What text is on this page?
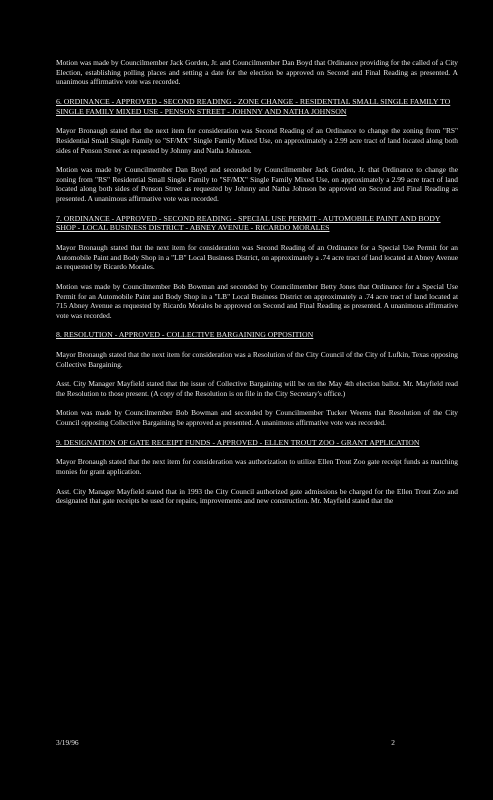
Motion was made by Councilmember Jack Gorden, Jr. and Councilmember Dan Boyd that Ordinance providing for the called of a City Election, establishing polling places and setting a date for the election be approved on Second and Final Reading as presented. A unanimous affirmative vote was recorded.

6. ORDINANCE - APPROVED - SECOND READING - ZONE CHANGE - RESIDENTIAL SMALL SINGLE FAMILY TO SINGLE FAMILY MIXED USE - PENSON STREET - JOHNNY AND NATHA JOHNSON

Mayor Bronaugh stated that the next item for consideration was Second Reading of an Ordinance to change the zoning from "RS" Residential Small Single Family to "SF/MX" Single Family Mixed Use, on approximately a 2.99 acre tract of land located along both sides of Penson Street as requested by Johnny and Natha Johnson.

Motion was made by Councilmember Dan Boyd and seconded by Councilmember Jack Gorden, Jr. that Ordinance to change the zoning from "RS" Residential Small Single Family to "SF/MX" Single Family Mixed Use, on approximately a 2.99 acre tract of land located along both sides of Penson Street as requested by Johnny and Natha Johnson be approved on Second and Final Reading as presented. A unanimous affirmative vote was recorded.

7. ORDINANCE - APPROVED - SECOND READING - SPECIAL USE PERMIT - AUTOMOBILE PAINT AND BODY SHOP - LOCAL BUSINESS DISTRICT - ABNEY AVENUE - RICARDO MORALES

Mayor Bronaugh stated that the next item for consideration was Second Reading of an Ordinance for a Special Use Permit for an Automobile Paint and Body Shop in a "LB" Local Business District, on approximately a .74 acre tract of land located at Abney Avenue as requested by Ricardo Morales.

Motion was made by Councilmember Bob Bowman and seconded by Councilmember Betty Jones that Ordinance for a Special Use Permit for an Automobile Paint and Body Shop in a "LB" Local Business District on approximately a .74 acre tract of land located at 715 Abney Avenue as requested by Ricardo Morales be approved on Second and Final Reading as presented. A unanimous affirmative vote was recorded.

8. RESOLUTION - APPROVED - COLLECTIVE BARGAINING OPPOSITION

Mayor Bronaugh stated that the next item for consideration was a Resolution of the City Council of the City of Lufkin, Texas opposing Collective Bargaining.

Asst. City Manager Mayfield stated that the issue of Collective Bargaining will be on the May 4th election ballot. Mr. Mayfield read the Resolution to those present. (A copy of the Resolution is on file in the City Secretary's office.)

Motion was made by Councilmember Bob Bowman and seconded by Councilmember Tucker Weems that Resolution of the City Council opposing Collective Bargaining be approved as presented. A unanimous affirmative vote was recorded.

9. DESIGNATION OF GATE RECEIPT FUNDS - APPROVED - ELLEN TROUT ZOO - GRANT APPLICATION

Mayor Bronaugh stated that the next item for consideration was authorization to utilize Ellen Trout Zoo gate receipt funds as matching monies for grant application.

Asst. City Manager Mayfield stated that in 1993 the City Council authorized gate admissions be charged for the Ellen Trout Zoo and designated that gate receipts be used for repairs, improvements and new construction. Mr. Mayfield stated that the

3/19/96	2
